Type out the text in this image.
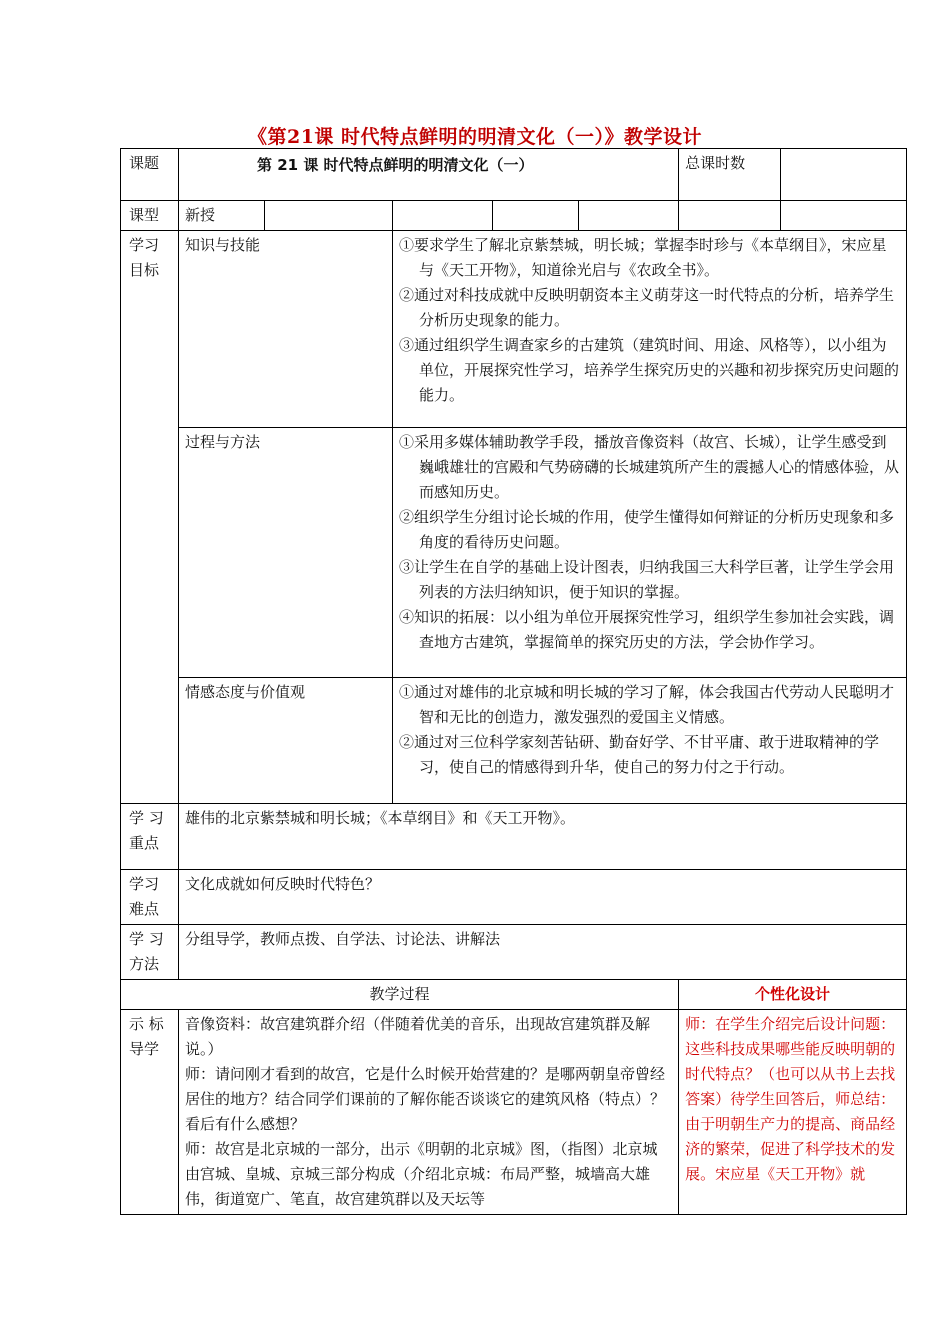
《第21课 时代特点鲜明的明清文化（一）》教学设计
课题	第 21 课 时代特点鲜明的明清文化（一）					总课时数	
课型	新授						
学习目标	知识与技能		①要求学生了解北京紫禁城，明长城；掌握李时珍与《本草纲目》，宋应星与《天工开物》，知道徐光启与《农政全书》。
②通过对科技成就中反映明朝资本主义萌芽这一时代特点的分析，培养学生分析历史现象的能力。
③通过组织学生调查家乡的古建筑（建筑时间、用途、风格等），以小组为单位，开展探究性学习，培养学生探究历史的兴趣和初步探究历史问题的能力。				

	过程与方法		①采用多媒体辅助教学手段，播放音像资料（故宫、长城），让学生感受到巍峨雄壮的宫殿和气势磅礴的长城建筑所产生的震撼人心的情感体验，从而感知历史。
②组织学生分组讨论长城的作用，使学生懂得如何辩证的分析历史现象和多角度的看待历史问题。
③让学生在自学的基础上设计图表，归纳我国三大科学巨著，让学生学会用列表的方法归纳知识，便于知识的掌握。
④知识的拓展：以小组为单位开展探究性学习，组织学生参加社会实践，调查地方古建筑，掌握简单的探究历史的方法，学会协作学习。				

	情感态度与价值观		①通过对雄伟的北京城和明长城的学习了解，体会我国古代劳动人民聪明才智和无比的创造力，激发强烈的爱国主义情感。
②通过对三位科学家刻苦钻研、勤奋好学、不甘平庸、敢于进取精神的学习，使自己的情感得到升华，使自己的努力付之于行动。				

学 习 重点	雄伟的北京紫禁城和明长城；《本草纲目》和《天工开物》。						
学习难点	文化成就如何反映时代特色？						
学 习 方法	分组导学，教师点拨、自学法、讨论法、讲解法						
教学过程						个性化设计	
示 标 导学	音像资料：故宫建筑群介绍（伴随着优美的音乐，出现故宫建筑群及解说。）
师：请问刚才看到的故宫，它是什么时候开始营建的？是哪两朝皇帝曾经居住的地方？结合同学们课前的了解你能否谈谈它的建筑风格（特点）？看后有什么感想？
师：故宫是北京城的一部分，出示《明朝的北京城》图，（指图）北京城由宫城、皇城、京城三部分构成（介绍北京城：布局严整，城墙高大雄伟，街道宽广、笔直，故宫建筑群以及天坛等					师：在学生介绍完后设计问题：这些科技成果哪些能反映明朝的时代特点？（也可以从书上去找答案）待学生回答后，师总结：由于明朝生产力的提高、商品经济的繁荣，促进了科学技术的发展。宋应星《天工开物》就	
